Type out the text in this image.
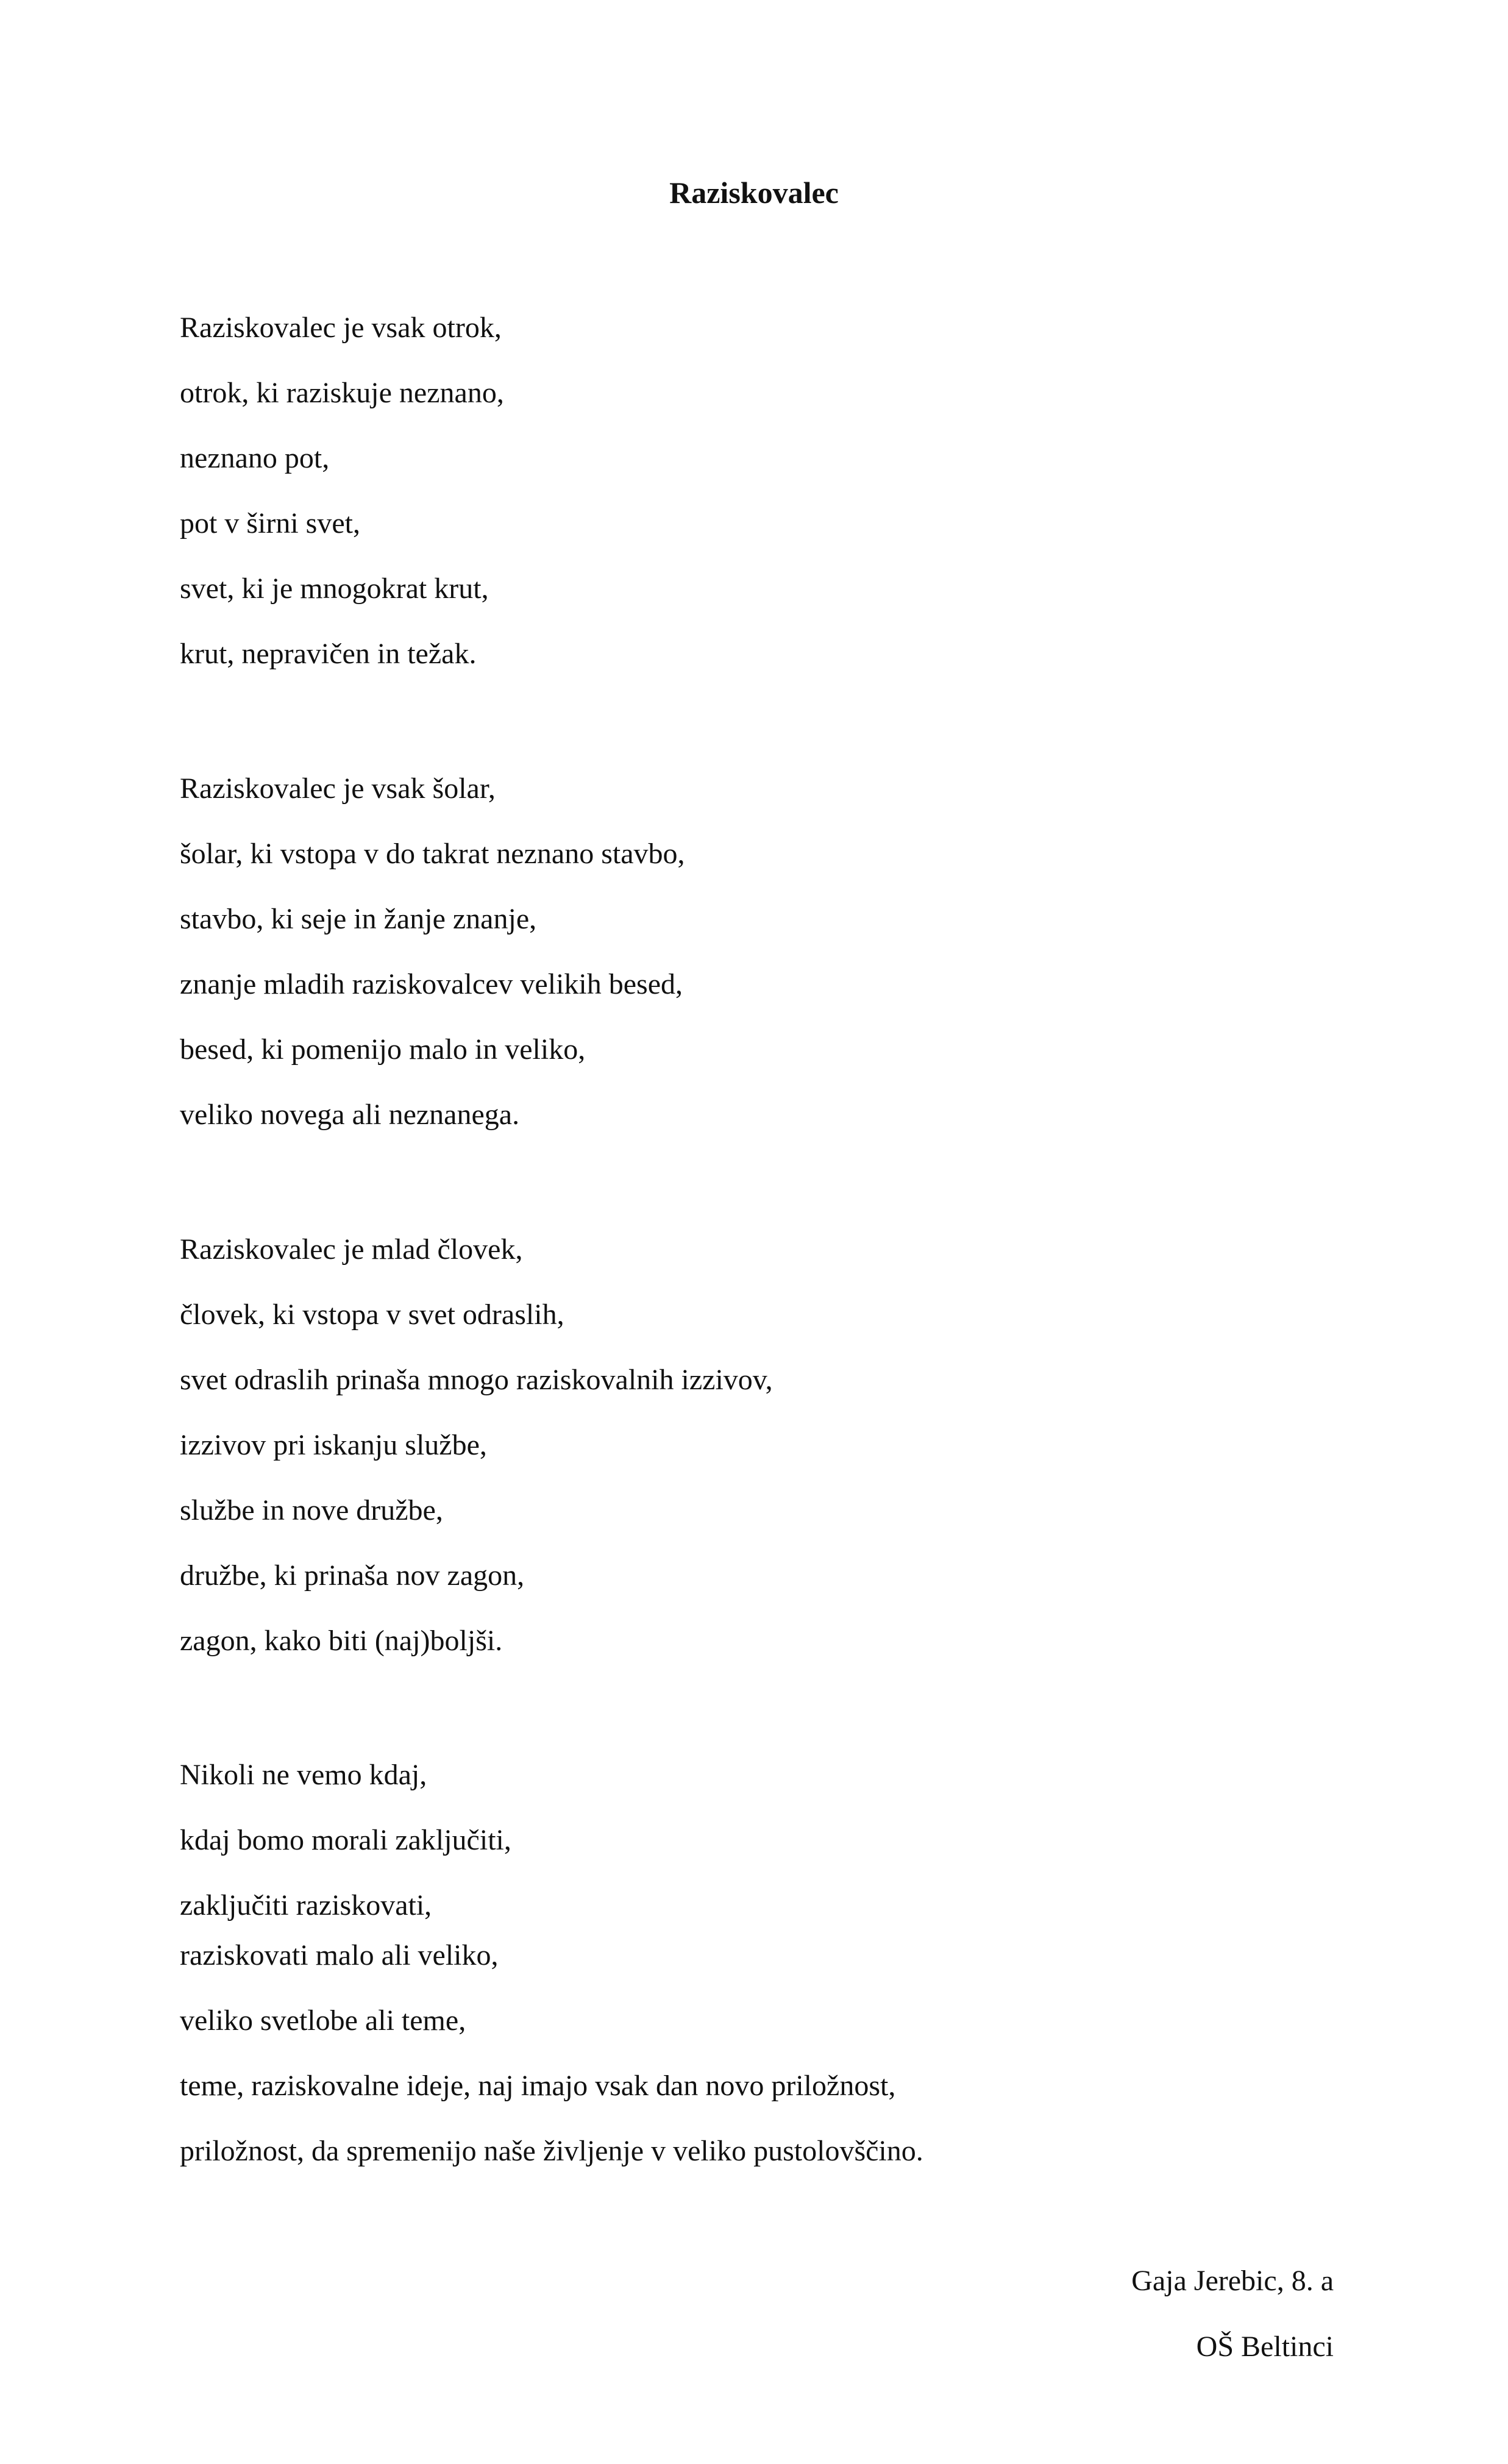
Raziskovalec
Raziskovalec je vsak otrok,
otrok, ki raziskuje neznano,
neznano pot,
pot v širni svet,
svet, ki je mnogokrat krut,
krut, nepravičen in težak.
Raziskovalec je vsak šolar,
šolar, ki vstopa v do takrat neznano stavbo,
stavbo, ki seje in žanje znanje,
znanje mladih raziskovalcev velikih besed,
besed, ki pomenijo malo in veliko,
veliko novega ali neznanega.
Raziskovalec je mlad človek,
človek, ki vstopa v svet odraslih,
svet odraslih prinaša mnogo raziskovalnih izzivov,
izzivov pri iskanju službe,
službe in nove družbe,
družbe, ki prinaša nov zagon,
zagon, kako biti (naj)boljši.
Nikoli ne vemo kdaj,
kdaj bomo morali zaključiti,
zaključiti raziskovati,
raziskovati malo ali veliko,
veliko svetlobe ali teme,
teme, raziskovalne ideje, naj imajo vsak dan novo priložnost,
priložnost, da spremenijo naše življenje v veliko pustolovščino.
Gaja Jerebic, 8. a
OŠ Beltinci
